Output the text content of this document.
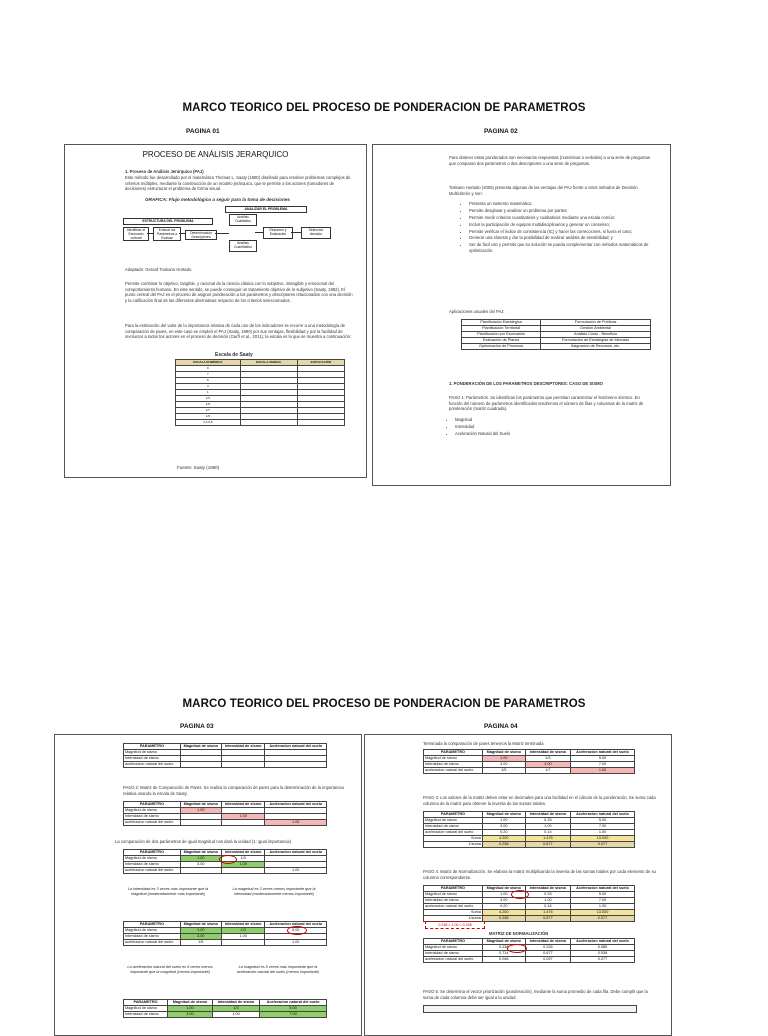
MARCO TEORICO DEL PROCESO DE PONDERACION DE PARAMETROS
PAGINA 01	PAGINA 02
PROCESO DE ANÁLISIS JERARQUICO
1. Proceso de Análisis Jerárquico (PAJ)
Este método fue desarrollado por el matemático Thomas L. Saaty (1980) diseñado para resolver problemas complejos de criterios múltiples, mediante la construcción de un modelo jerárquico, que le permite a los actores (tomadores de decisiones) estructurar el problema de forma visual.
GRAFICA: Flujo metodológico a seguir para la toma de decisiones
ESTRUCTURA DEL PROBLEMA
ANALIZAR EL PROBLEMA
Identificar el Escenario cultural
Evaluar los Parámetros a Evaluar
Determinación Descriptores
Análisis Cualitativo
Análisis Cuantitativo
Resumen y Evaluación
Selección decisión
Adaptado: Gerard Tookano Hurtado
Permite combinar lo objetivo, tangible, y racional de la ciencia clásica con lo subjetivo, intangible y emocional del comportamiento humano. En este sentido, se puede conseguir un tratamiento objetivo de lo subjetivo (Saaty, 1992). El punto central del PAJ es el proceso de asignar ponderación a los parámetros y descriptores relacionados con una decisión y la calificación final de las diferentes alternativas respecto de los criterios seleccionados.
Para la estimación del valor de la importancia relativa de cada uno de los indicadores se recurre a una metodología de comparación de pares, en este caso se empleó el PAJ (Saaty, 1990) por sus ventajas, flexibilidad y por la facilidad de involucrar a todos los actores en el proceso de decisión (Garfí et al., 2011), la escala es la que se muestra a continuación:
Escala de Saaty
ESCALA NUMÉRICA	ESCALA VERBAL	EXPLICACIÓN
9		
7		
5		
3		
1		
1/3		
1/5		
1/7		
1/9		
2,4,6,8		
Fuente: Saaty (1980)
Para obtener estos ponderados son necesarios respuestas (numéricas o verbales) a una serie de preguntas que comparan dos parámetros o dos descriptores o una serie de preguntas.
Toskano Hurtado (2005) presenta algunas de las ventajas del PAJ frente a otros métodos de Decisión Multicriterio y son:
• Presenta un sustento matemático;
• Permite desglosar y analizar un problema por partes;
• Permite medir criterios cuantitativos y cualitativos mediante una escala común;
• Incluir la participación de equipos multidisciplinarios y generar un consenso;
• Permite verificar el índice de consistencia (IC) y hacer las correcciones, si fuera el caso;
• Generar una síntesis y dar la posibilidad de realizar análisis de sensibilidad; y
• Ser de fácil uso y permitir que su solución se pueda complementar con métodos matemáticos de optimización.
Aplicaciones usuales del PAJ:
Planificación Estratégica	Formulación de Políticas
Planificación Territorial	Gestión Ambiental
Planificación por Escenarios	Análisis Costo - Beneficio
Evaluación de Planes	Formulación de Estrategias de Mercado
Optimización de Procesos	Asignación de Recursos, etc.
1. PONDERACIÓN DE LOS PARAMETROS DESCRIPTORES: CASO DE SISMO
PASO 1: Parámetros. Se identifican los parámetros que permitan caracterizar el fenómeno sísmico. En función del número de parámetros identificados tendremos el número de filas y columnas de la matriz de ponderación (matriz cuadrada).
• Magnitud
• Intensidad
• Aceleración Natural del Suelo
MARCO TEORICO DEL PROCESO DE PONDERACION DE PARAMETROS
PAGINA 03	PAGINA 04
PARAMETRO	Magnitud de sismo	Intensidad de sismo	Aceleracion natural del suelo
Magnitud de sismo			
Intensidad de sismo			
aceleracion natural del suelo			
PASO 2: Matriz de Comparación de Pares. Se realiza la comparación de pares para la determinación de la importancia relativa usando la escala de Saaty.
PARAMETRO	Magnitud de sismo	Intensidad de sismo	Aceleracion natural del suelo
Magnitud de sismo	1.00		
Intensidad de sismo		1.00	
aceleracion natural del suelo			1.00
La comparación de dos parámetros de igual magnitud nos darà la unidad (1: igual importancia)
PARAMETRO	Magnitud de sismo	Intensidad de sismo	Aceleracion natural del suelo
Magnitud de sismo	1.00	1/3	
Intensidad de sismo	3.00	1.00	
aceleracion natural del suelo			1.00
La intensidad es 3 veces más importante que la magnitud (moderadamente más importante)
La magnitud es 3 veces menos importante que la intensidad (moderadamente menos importante)
PARAMETRO	Magnitud de sismo	Intensidad de sismo	Aceleracion natural del suelo
Magnitud de sismo	1.00	1/3	5.00
Intensidad de sismo	3.00	1.00	
aceleracion natural del suelo	1/5		1.00
La aceleración natural del suelo es 5 veces menos importante que la magnitud (menos importante)
La magnitud es 5 veces más importante que la aceleración natural del suelo (menos importante)
PARAMETRO	Magnitud de sismo	Intensidad de sismo	Aceleracion natural del suelo
Magnitud de sismo	1.00	1/3	5.00
Intensidad de sismo	3.00	1.00	7.00
Terminada la comparación de pares tenemos la Matriz terminada
PARAMETRO	Magnitud de sismo	Intensidad de sismo	Aceleracion natural del suelo
Magnitud de sismo	1.00	1/3	5.00
Intensidad de sismo	3.00	1.00	7.00
aceleracion natural del suelo	1/5	1/7	1.00
PASO 3: Los valores de la matriz deben estar en decimales para una facilidad en el cálculo de la ponderación. Se suma cada columna de la matriz para obtener la inversa de las sumas totales.
PARAMETRO	Magnitud de sismo	Intensidad de sismo	Aceleracion natural del suelo
Magnitud de sismo	1.00	0.33	5.00
Intensidad de sismo	3.00	1.00	7.00
aceleracion natural del suelo	0.20	0.14	1.00
Suma	4.200	1.476	13.000
1/suma	0.238	0.677	0.077
PASO 4: Matriz de Normalización. Se elabora la matriz multiplicando la inversa de las sumas totales por cada elemento de su columna correspondiente.
PARAMETRO	Magnitud de sismo	Intensidad de sismo	Aceleracion natural del suelo
Magnitud de sismo	1.00	0.33	5.00
Intensidad de sismo	3.00	1.00	7.00
aceleracion natural del suelo	0.20	0.14	1.00
Suma	4.200	1.476	13.000
1/suma	0.238	0.677	0.077
0.238 × 1.00 = 0.238
MATRIZ DE NORMALIZACIÓN
PARAMETRO	Magnitud de sismo	Intensidad de sismo	Aceleracion natural del suelo
Magnitud de sismo	0.238	0.226	0.385
Intensidad de sismo	0.714	0.677	0.538
aceleracion natural del suelo	0.048	0.097	0.077
PASO 5: Se determina el vector priorización (ponderación), mediante la suma promedio de cada fila. Debe cumplir que la suma de cada columna debe ser igual a la unidad.
